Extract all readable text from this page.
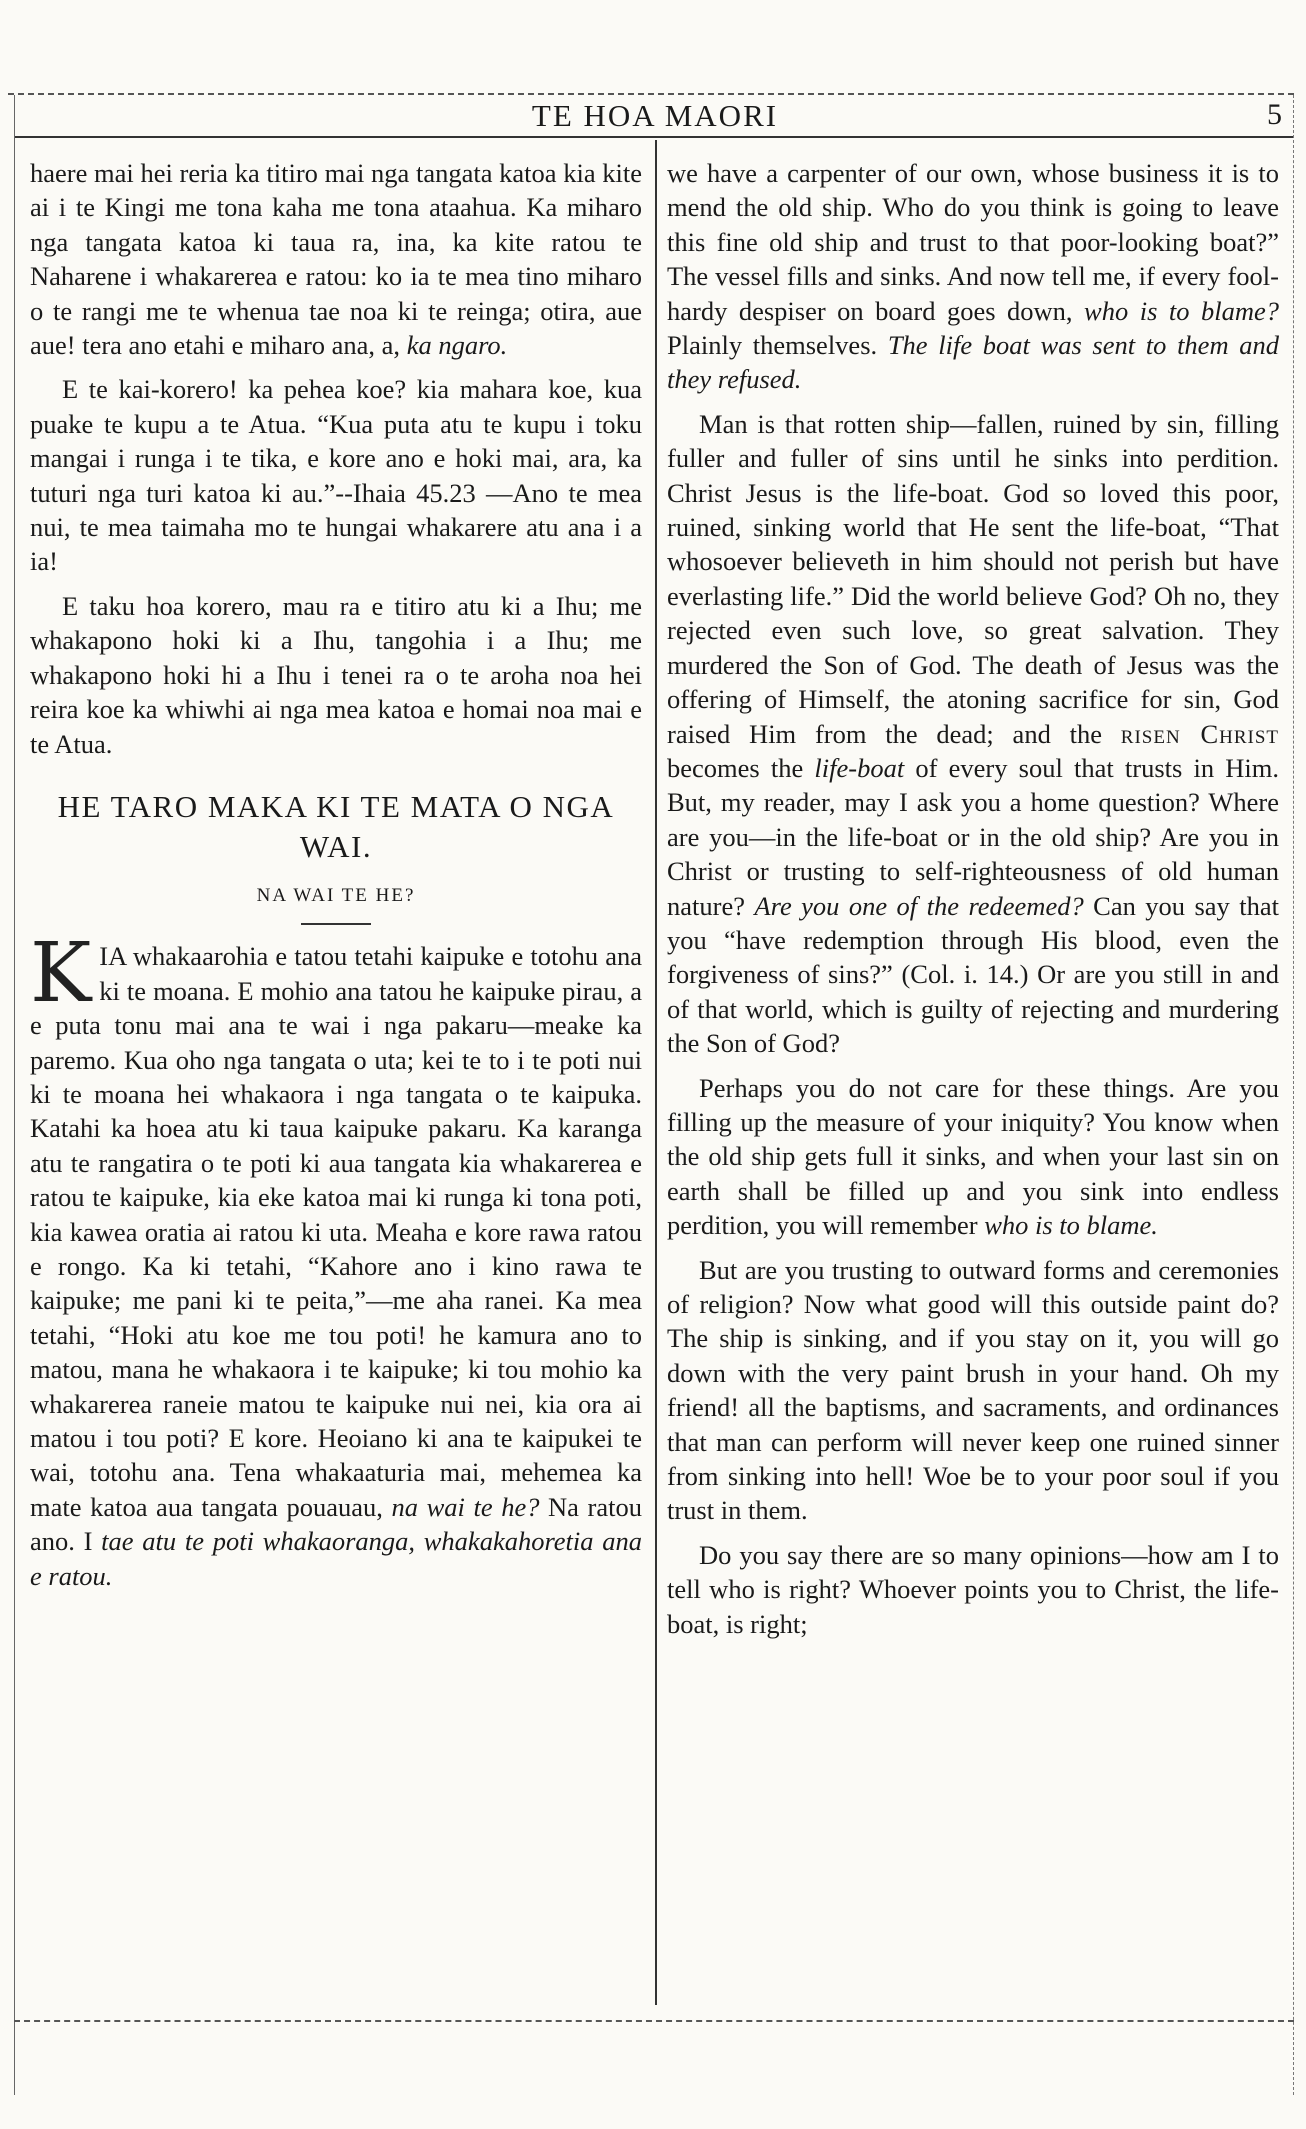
TE HOA MAORI	5

haere mai hei reria ka titiro mai nga tangata katoa kia kite ai i te Kingi me tona kaha me tona ataahua. Ka miharo nga tangata katoa ki taua ra, ina, ka kite ratou te Naharene i whakarerea e ratou: ko ia te mea tino miharo o te rangi me te whenua tae noa ki te reinga; otira, aue aue! tera ano etahi e miharo ana, a, ka ngaro.

E te kai-korero! ka pehea koe? kia mahara koe, kua puake te kupu a te Atua. “Kua puta atu te kupu i toku mangai i runga i te tika, e kore ano e hoki mai, ara, ka tuturi nga turi katoa ki au.”--Ihaia 45.23 —Ano te mea nui, te mea taimaha mo te hungai whakarere atu ana i a ia!

E taku hoa korero, mau ra e titiro atu ki a Ihu; me whakapono hoki ki a Ihu, tangohia i a Ihu; me whakapono hoki hi a Ihu i tenei ra o te aroha noa hei reira koe ka whiwhi ai nga mea katoa e homai noa mai e te Atua.

HE TARO MAKA KI TE MATA O NGA WAI.
NA WAI TE HE?

KIA whakaarohia e tatou tetahi kaipuke e totohu ana ki te moana. E mohio ana tatou he kaipuke pirau, a e puta tonu mai ana te wai i nga pakaru—meake ka paremo. Kua oho nga tangata o uta; kei te to i te poti nui ki te moana hei whakaora i nga tangata o te kaipuka. Katahi ka hoea atu ki taua kaipuke pakaru. Ka karanga atu te rangatira o te poti ki aua tangata kia whakarerea e ratou te kaipuke, kia eke katoa mai ki runga ki tona poti, kia kawea oratia ai ratou ki uta. Meaha e kore rawa ratou e rongo. Ka ki tetahi, “Kahore ano i kino rawa te kaipuke; me pani ki te peita,”—me aha ranei. Ka mea tetahi, “Hoki atu koe me tou poti! he kamura ano to matou, mana he whakaora i te kaipuke; ki tou mohio ka whakarerea raneie matou te kaipuke nui nei, kia ora ai matou i tou poti? E kore. Heoiano ki ana te kaipukei te wai, totohu ana. Tena whakaaturia mai, mehemea ka mate katoa aua tangata pouauau, na wai te he? Na ratou ano. I tae atu te poti whakaoranga, whakakahoretia ana e ratou.

we have a carpenter of our own, whose business it is to mend the old ship. Who do you think is going to leave this fine old ship and trust to that poor-looking boat?” The vessel fills and sinks. And now tell me, if every fool-hardy despiser on board goes down, who is to blame? Plainly themselves. The life boat was sent to them and they refused.

Man is that rotten ship—fallen, ruined by sin, filling fuller and fuller of sins until he sinks into perdition. Christ Jesus is the life-boat. God so loved this poor, ruined, sinking world that He sent the life-boat, “That whosoever believeth in him should not perish but have everlasting life.” Did the world believe God? Oh no, they rejected even such love, so great salvation. They murdered the Son of God. The death of Jesus was the offering of Himself, the atoning sacrifice for sin, God raised Him from the dead; and the risen Christ becomes the life-boat of every soul that trusts in Him. But, my reader, may I ask you a home question? Where are you—in the life-boat or in the old ship? Are you in Christ or trusting to self-righteousness of old human nature? Are you one of the redeemed? Can you say that you “have redemption through His blood, even the forgiveness of sins?” (Col. i. 14.) Or are you still in and of that world, which is guilty of rejecting and murdering the Son of God?

Perhaps you do not care for these things. Are you filling up the measure of your iniquity? You know when the old ship gets full it sinks, and when your last sin on earth shall be filled up and you sink into endless perdition, you will remember who is to blame.

But are you trusting to outward forms and ceremonies of religion? Now what good will this outside paint do? The ship is sinking, and if you stay on it, you will go down with the very paint brush in your hand. Oh my friend! all the baptisms, and sacraments, and ordinances that man can perform will never keep one ruined sinner from sinking into hell! Woe be to your poor soul if you trust in them.

Do you say there are so many opinions—how am I to tell who is right? Whoever points you to Christ, the life-boat, is right;
